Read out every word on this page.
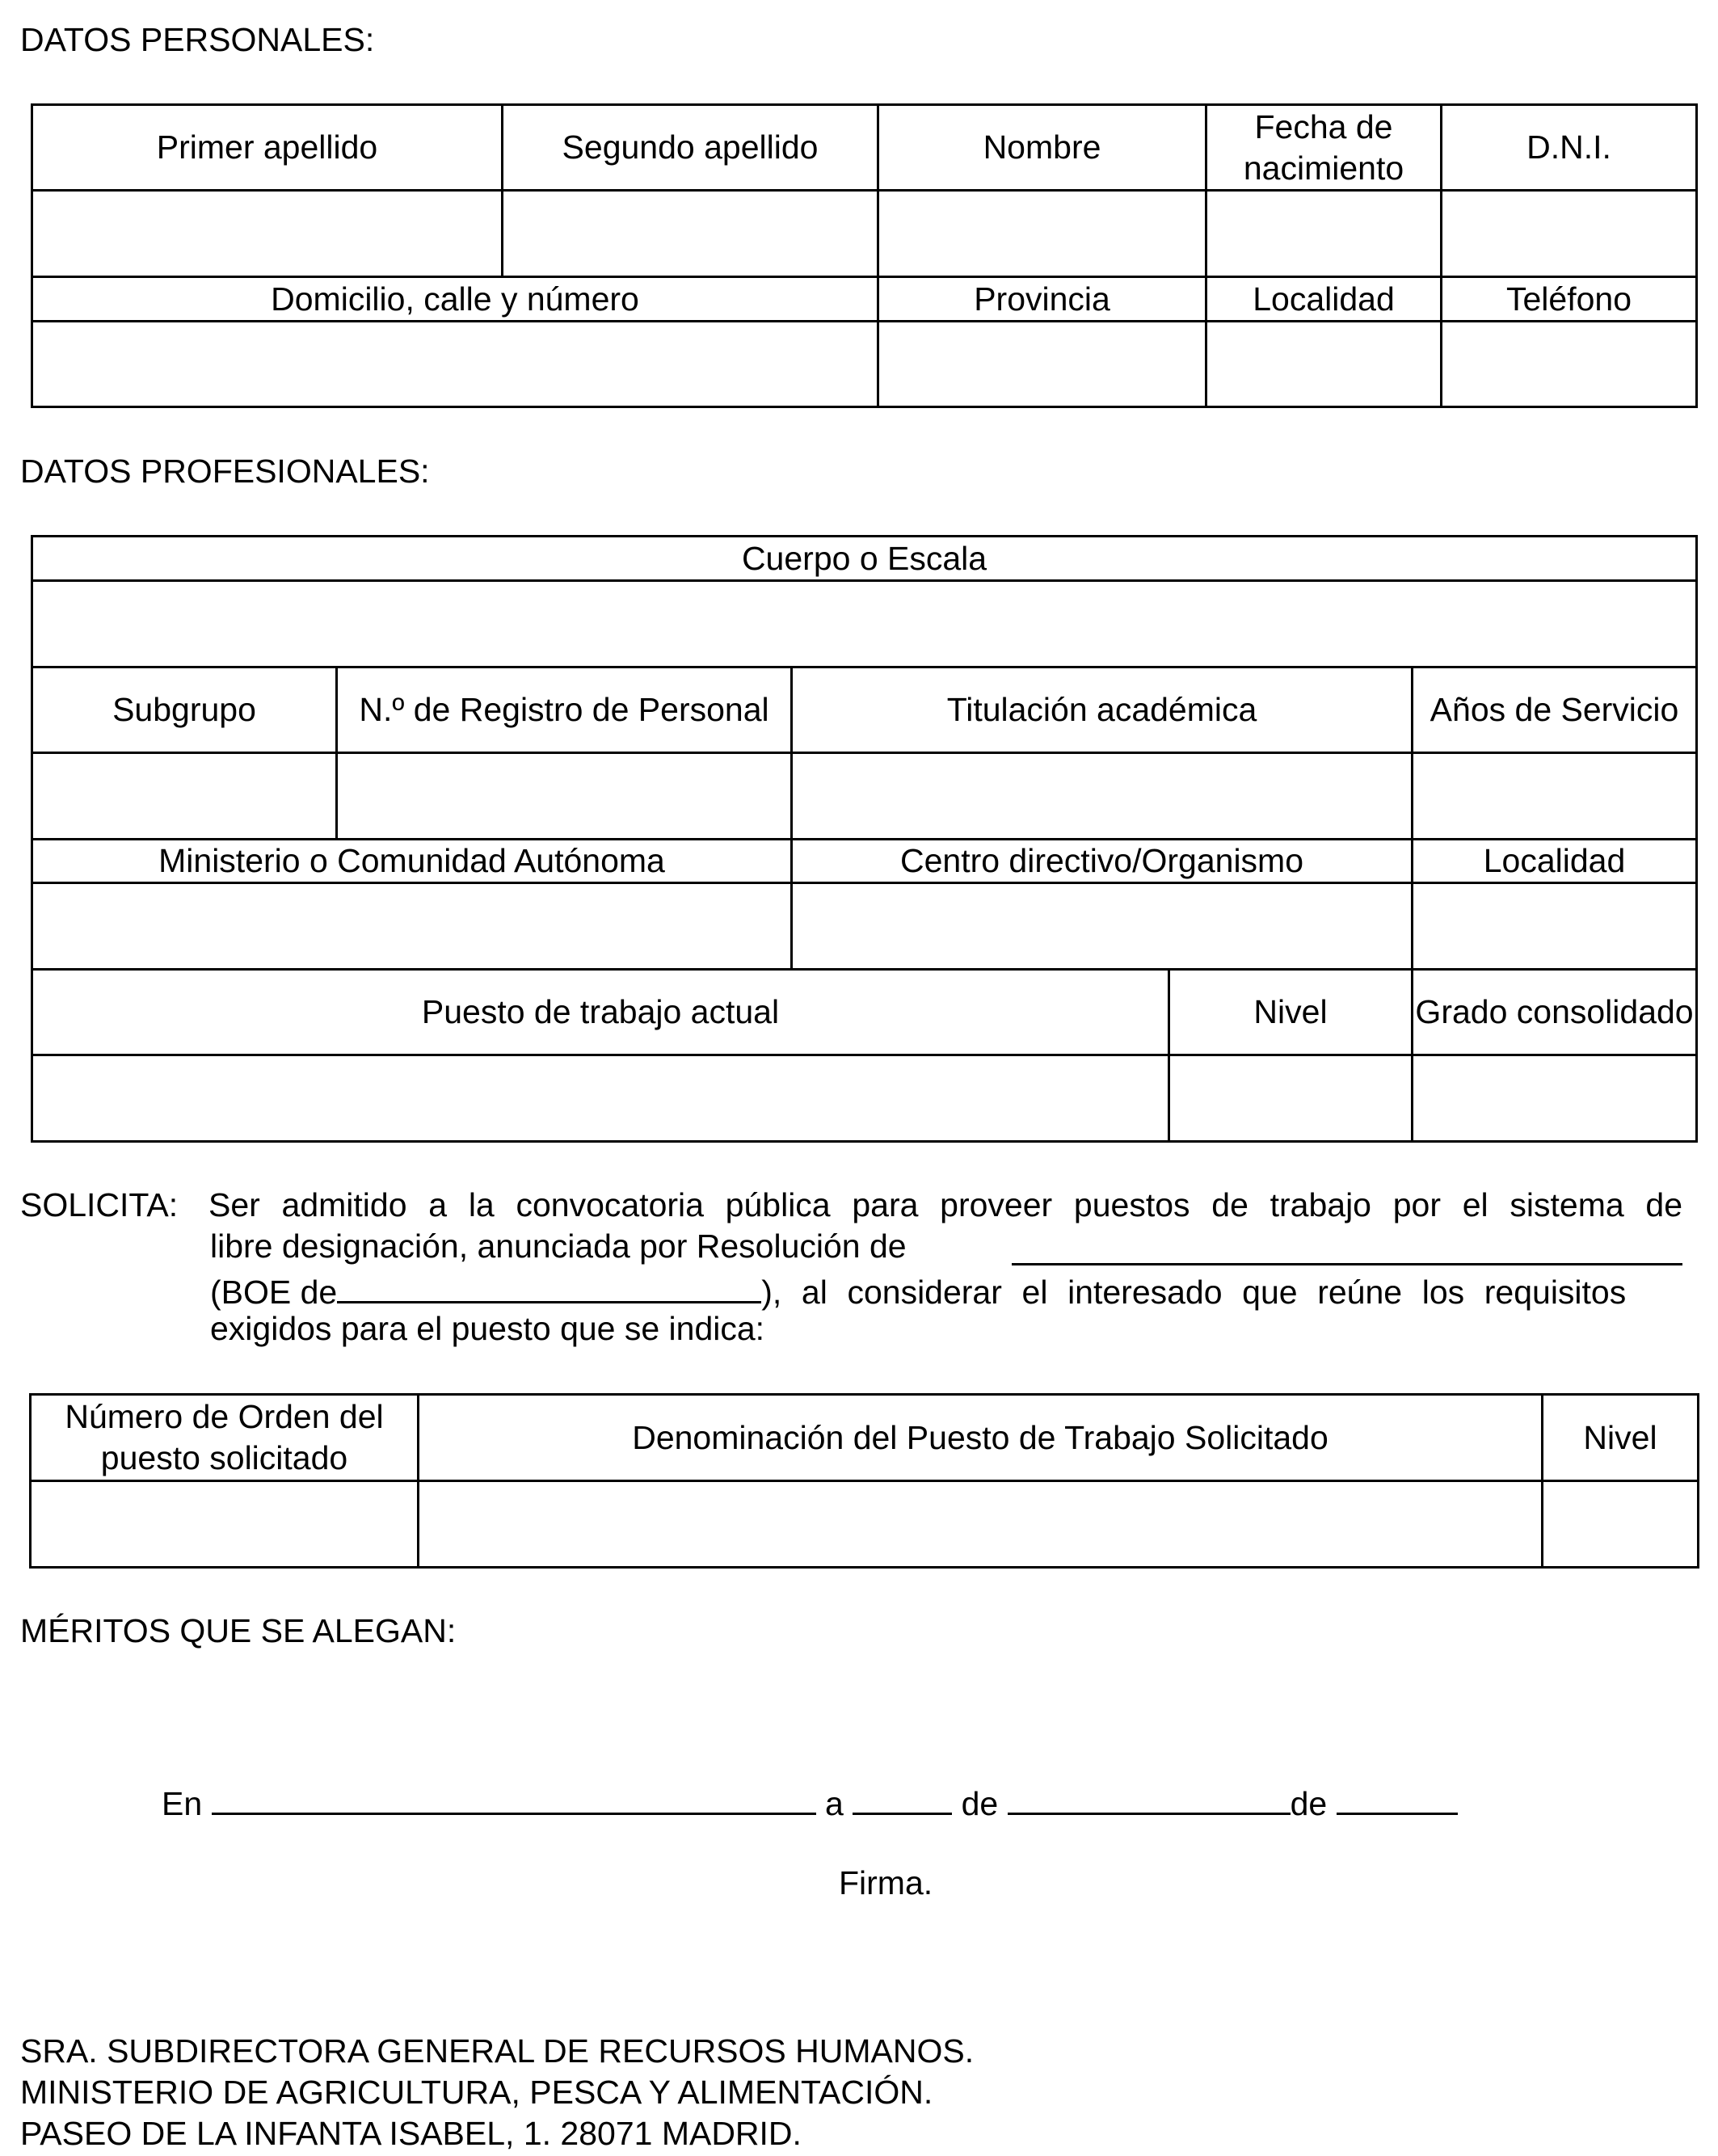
DATOS PERSONALES:
Primer apellido	Segundo apellido	Nombre	Fecha de nacimiento	D.N.I.

Domicilio, calle y número		Provincia	Localidad	Teléfono

DATOS PROFESIONALES:
Cuerpo o Escala				

Subgrupo	N.º de Registro de Personal	Titulación académica		Años de Servicio

Ministerio o Comunidad Autónoma		Centro directivo/Organismo		Localidad

Puesto de trabajo actual			Nivel	Grado consolidado

SOLICITA: Ser admitido a la convocatoria pública para proveer puestos de trabajo por el sistema de
libre designación, anunciada por Resolución de
(BOE de	), al considerar el interesado que reúne los requisitos
exigidos para el puesto que se indica:
Número de Orden del puesto solicitado	Denominación del Puesto de Trabajo Solicitado	Nivel

MÉRITOS QUE SE ALEGAN:
En	a	de	de
Firma.
SRA. SUBDIRECTORA GENERAL DE RECURSOS HUMANOS.
MINISTERIO DE AGRICULTURA, PESCA Y ALIMENTACIÓN.
PASEO DE LA INFANTA ISABEL, 1. 28071 MADRID.
